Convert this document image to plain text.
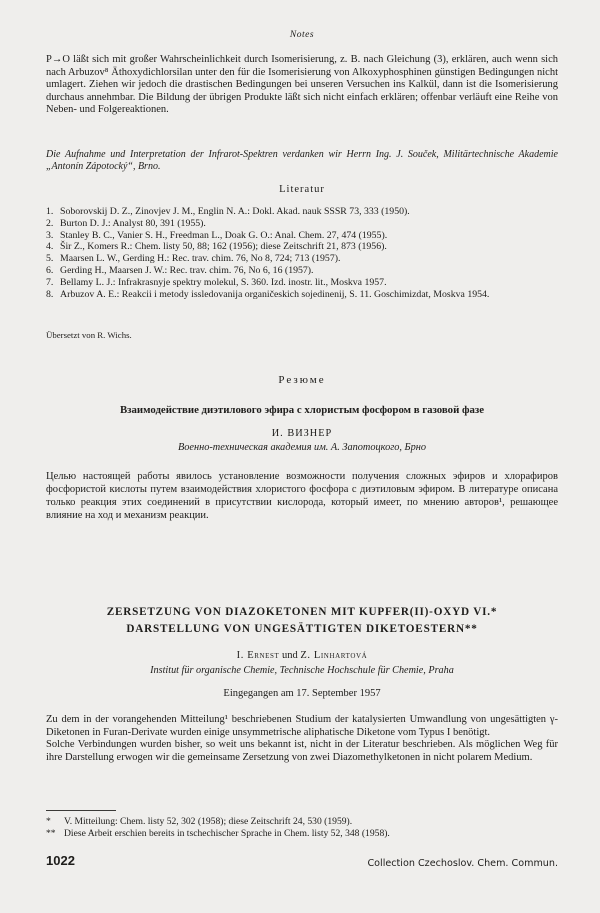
Notes

P→O läßt sich mit großer Wahrscheinlichkeit durch Isomerisierung, z. B. nach Gleichung (3), erklären, auch wenn sich nach Arbuzov⁸ Äthoxydichlorsilan unter den für die Isomerisierung von Alkoxyphosphinen günstigen Bedingungen nicht umlagert. Ziehen wir jedoch die drastischen Bedingungen bei unseren Versuchen ins Kalkül, dann ist die Isomerisierung durchaus annehmbar. Die Bildung der übrigen Produkte läßt sich nicht einfach erklären; offenbar verläuft eine Reihe von Neben- und Folgereaktionen.

Die Aufnahme und Interpretation der Infrarot-Spektren verdanken wir Herrn Ing. J. Souček, Militärtechnische Akademie „Antonín Zápotocký“, Brno.

Literatur
1. Soborovskij D. Z., Zinovjev J. M., Englin N. A.: Dokl. Akad. nauk SSSR 73, 333 (1950).
2. Burton D. J.: Analyst 80, 391 (1955).
3. Stanley B. C., Vanier S. H., Freedman L., Doak G. O.: Anal. Chem. 27, 474 (1955).
4. Šir Z., Komers R.: Chem. listy 50, 88; 162 (1956); diese Zeitschrift 21, 873 (1956).
5. Maarsen L. W., Gerding H.: Rec. trav. chim. 76, No 8, 724; 713 (1957).
6. Gerding H., Maarsen J. W.: Rec. trav. chim. 76, No 6, 16 (1957).
7. Bellamy L. J.: Infrakrasnyje spektry molekul, S. 360. Izd. inostr. lit., Moskva 1957.
8. Arbuzov A. E.: Reakcii i metody issledovanija organičeskich sojedinenij, S. 11. Goschimizdat, Moskva 1954.
Übersetzt von R. Wichs.
Резюме
Взаимодействие диэтилового эфира с хлористым фосфором в газовой фазе
И. ВИЗНЕР
Военно-техническая академия им. А. Запотоцкого, Брно

Целью настоящей работы явилось установление возможности получения сложных эфиров и хлорафиров фосфористой кислоты путем взаимодействия хлористого фосфора с диэтиловым эфиром. В литературе описана только реакция этих соединений в присутствии кислорода, который имеет, по мнению авторов¹, решающее влияние на ход и механизм реакции.

ZERSETZUNG VON DIAZOKETONEN MIT KUPFER(II)-OXYD VI.*
DARSTELLUNG VON UNGESÄTTIGTEN DIKETOESTERN**
I. Ernest und Z. Linhartová
Institut für organische Chemie, Technische Hochschule für Chemie, Praha
Eingegangen am 17. September 1957

Zu dem in der vorangehenden Mitteilung¹ beschriebenen Studium der katalysierten Umwandlung von ungesättigten γ-Diketonen in Furan-Derivate wurden einige unsymmetrische aliphatische Diketone vom Typus I benötigt.

Solche Verbindungen wurden bisher, so weit uns bekannt ist, nicht in der Literatur beschrieben. Als möglichen Weg für ihre Darstellung erwogen wir die gemeinsame Zersetzung von zwei Diazomethylketonen in nicht polarem Medium.

* V. Mitteilung: Chem. listy 52, 302 (1958); diese Zeitschrift 24, 530 (1959).
** Diese Arbeit erschien bereits in tschechischer Sprache in Chem. listy 52, 348 (1958).
1022	Collection Czechoslov. Chem. Commun.
